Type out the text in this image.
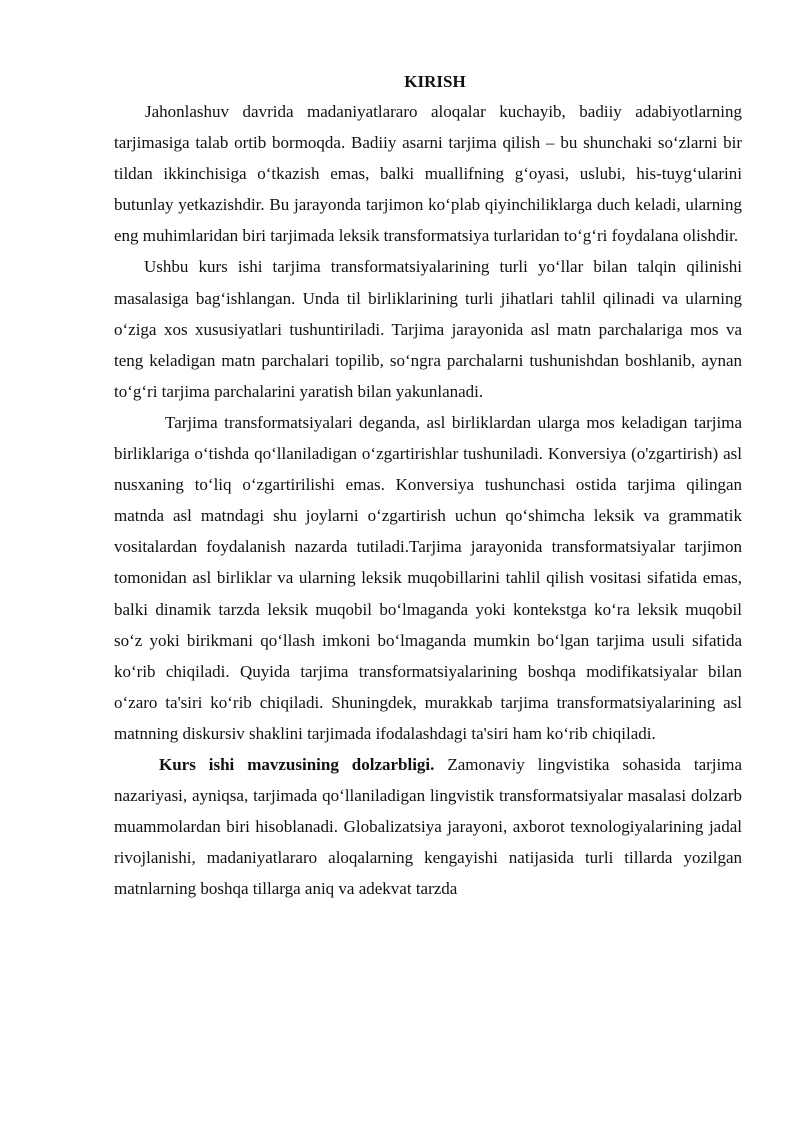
KIRISH

Jahonlashuv davrida madaniyatlararo aloqalar kuchayib, badiiy adabiyotlarning tarjimasiga talab ortib bormoqda. Badiiy asarni tarjima qilish – bu shunchaki so‘zlarni bir tildan ikkinchisiga o‘tkazish emas, balki muallifning g‘oyasi, uslubi, his-tuyg‘ularini butunlay yetkazishdir. Bu jarayonda tarjimon ko‘plab qiyinchiliklarga duch keladi, ularning eng muhimlaridan biri tarjimada leksik transformatsiya turlaridan to‘g‘ri foydalana olishdir.

Ushbu kurs ishi tarjima transformatsiyalarining turli yo‘llar bilan talqin qilinishi masalasiga bag‘ishlangan. Unda til birliklarining turli jihatlari tahlil qilinadi va ularning o‘ziga xos xususiyatlari tushuntiriladi. Tarjima jarayonida asl matn parchalariga mos va teng keladigan matn parchalari topilib, so‘ngra parchalarni tushunishdan boshlanib, aynan to‘g‘ri tarjima parchalarini yaratish bilan yakunlanadi.

Tarjima transformatsiyalari deganda, asl birliklardan ularga mos keladigan tarjima birliklariga o‘tishda qo‘llaniladigan o‘zgartirishlar tushuniladi. Konversiya (o'zgartirish) asl nusxaning to‘liq o‘zgartirilishi emas. Konversiya tushunchasi ostida tarjima qilingan matnda asl matndagi shu joylarni o‘zgartirish uchun qo‘shimcha leksik va grammatik vositalardan foydalanish nazarda tutiladi.Tarjima jarayonida transformatsiyalar tarjimon tomonidan asl birliklar va ularning leksik muqobillarini tahlil qilish vositasi sifatida emas, balki dinamik tarzda leksik muqobil bo‘lmaganda yoki kontekstga ko‘ra leksik muqobil so‘z yoki birikmani qo‘llash imkoni bo‘lmaganda mumkin bo‘lgan tarjima usuli sifatida ko‘rib chiqiladi. Quyida tarjima transformatsiyalarining boshqa modifikatsiyalar bilan o‘zaro ta'siri ko‘rib chiqiladi. Shuningdek, murakkab tarjima transformatsiyalarining asl matnning diskursiv shaklini tarjimada ifodalashdagi ta'siri ham ko‘rib chiqiladi.

Kurs ishi mavzusining dolzarbligi. Zamonaviy lingvistika sohasida tarjima nazariyasi, ayniqsa, tarjimada qo‘llaniladigan lingvistik transformatsiyalar masalasi dolzarb muammolardan biri hisoblanadi. Globalizatsiya jarayoni, axborot texnologiyalarining jadal rivojlanishi, madaniyatlararo aloqalarning kengayishi natijasida turli tillarda yozilgan matnlarning boshqa tillarga aniq va adekvat tarzda
